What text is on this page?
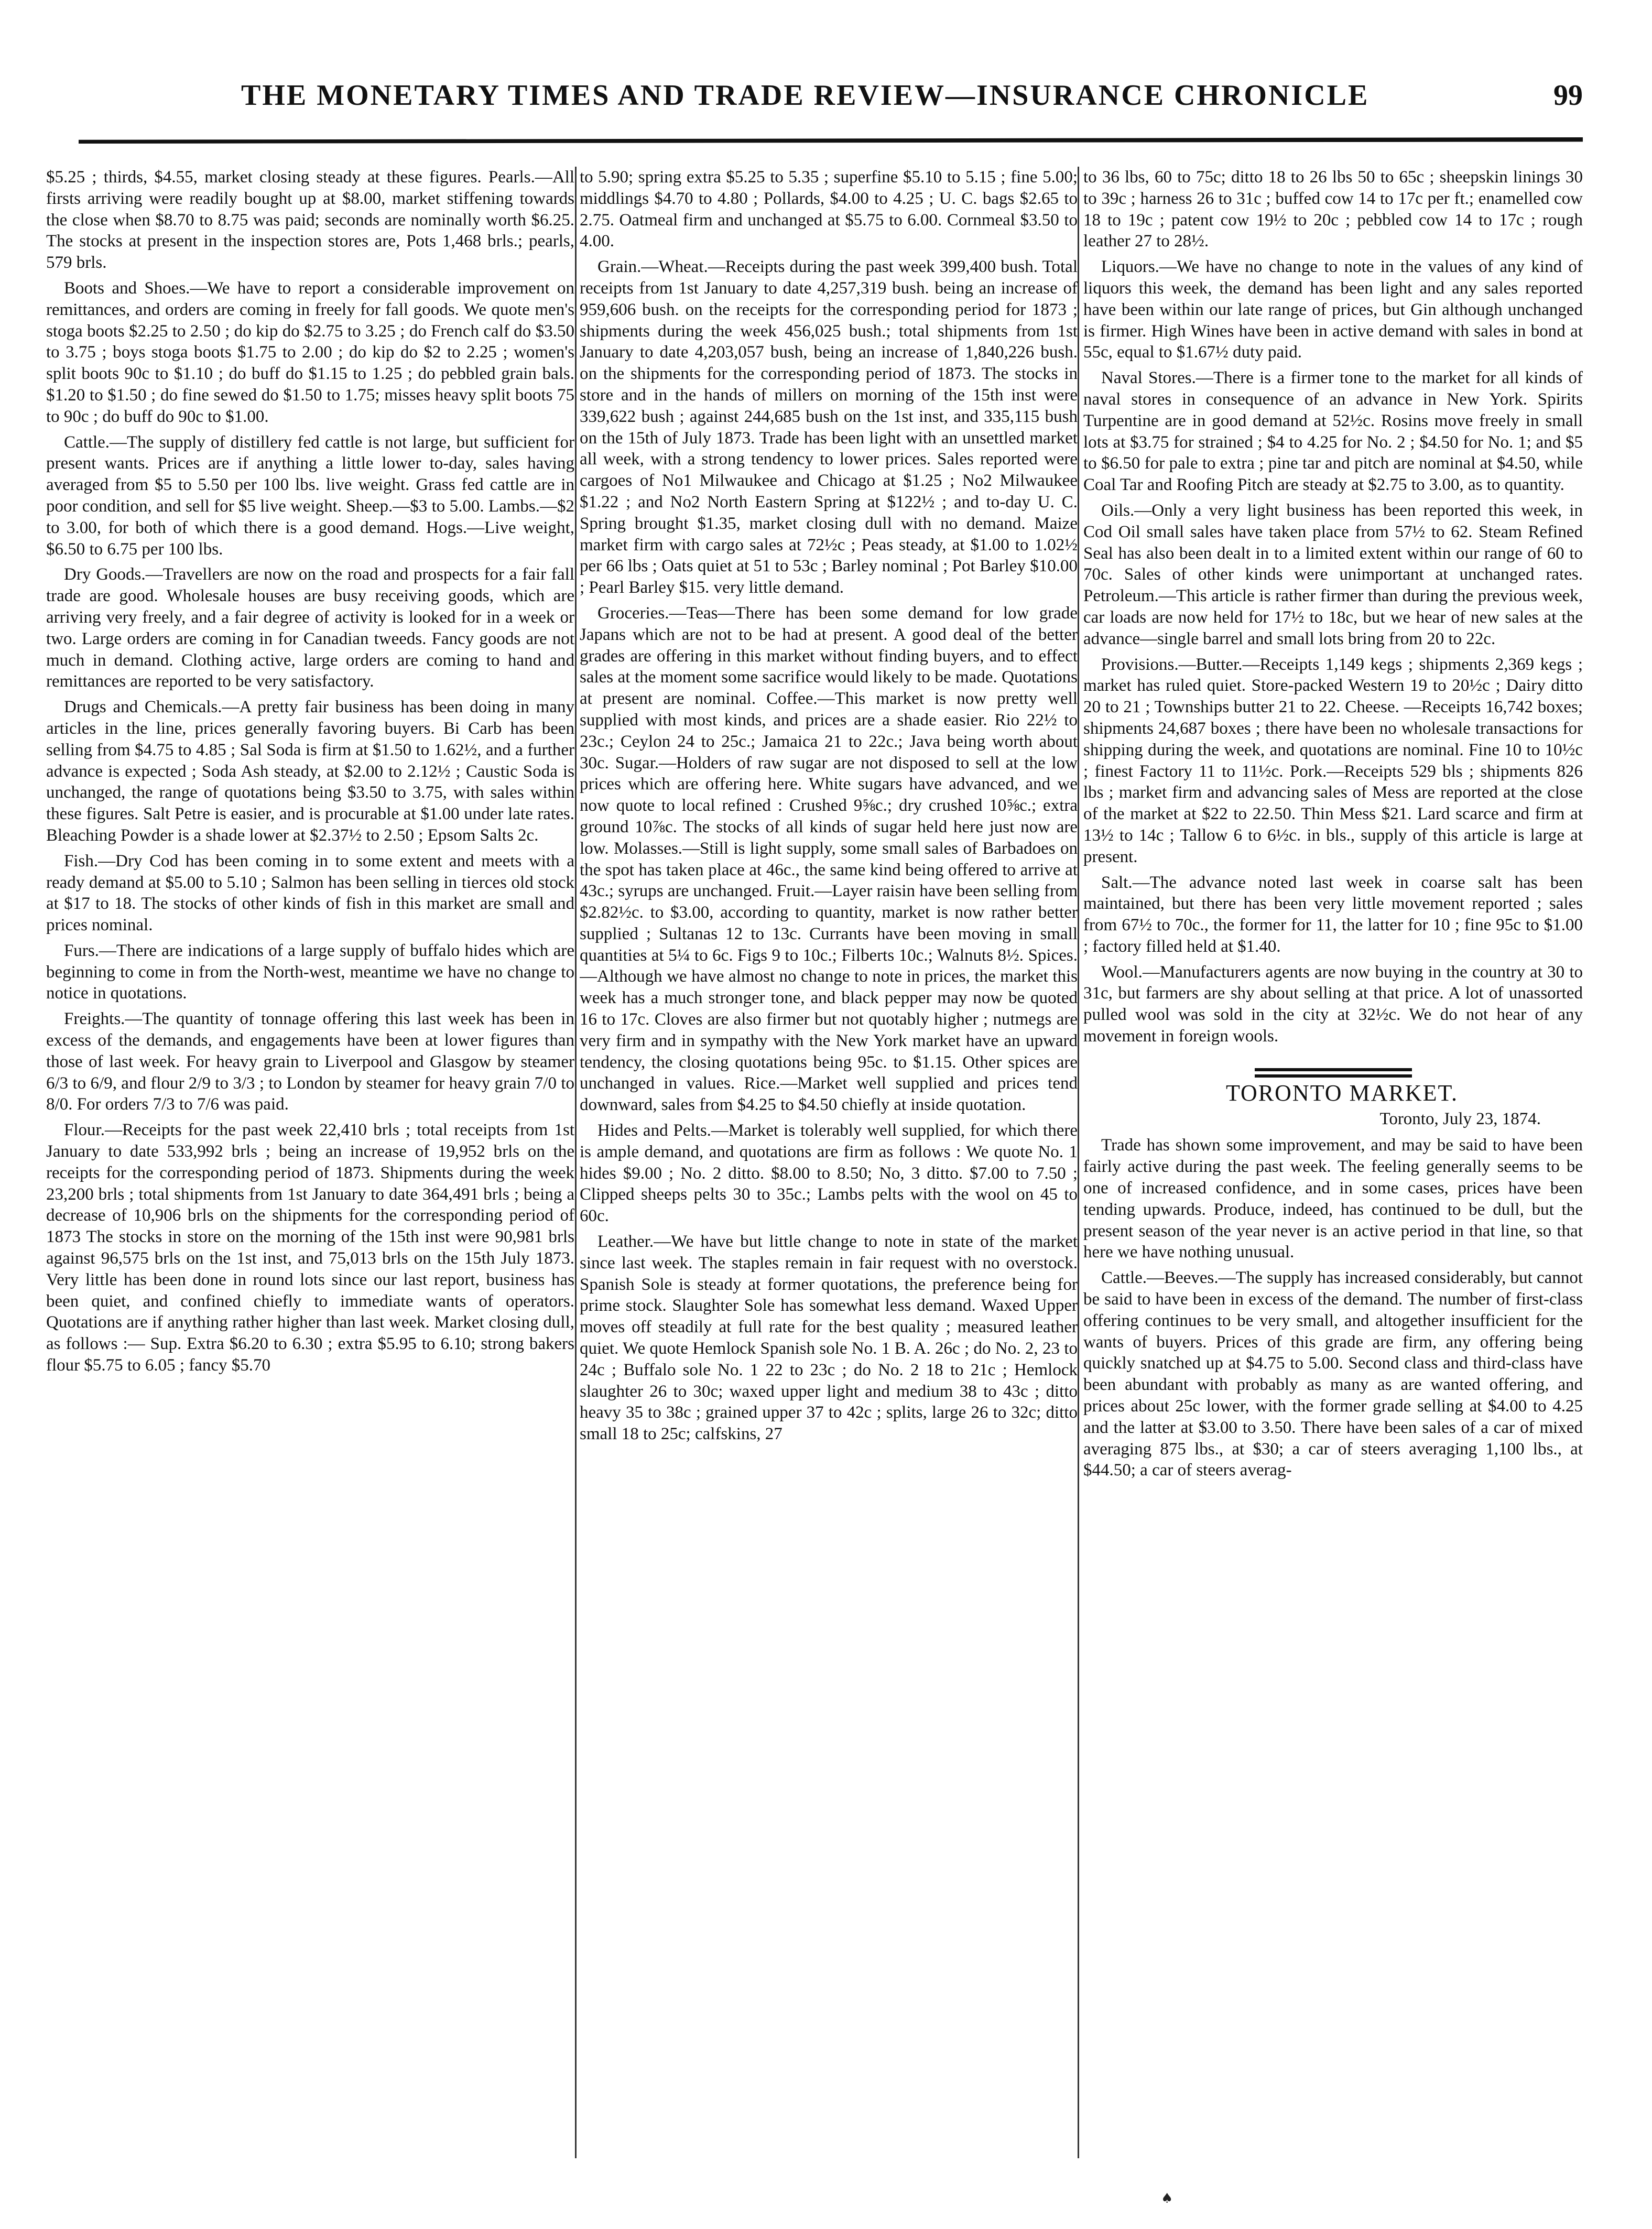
THE MONETARY TIMES AND TRADE REVIEW—INSURANCE CHRONICLE	99

$5.25 ; thirds, $4.55, market closing steady at these figures. Pearls.—All firsts arriving were readily bought up at $8.00, market stiffening towards the close when $8.70 to 8.75 was paid; seconds are nominally worth $6.25. The stocks at present in the inspection stores are, Pots 1,468 brls.; pearls, 579 brls.

Boots and Shoes.—We have to report a considerable improvement on remittances, and orders are coming in freely for fall goods. We quote men's stoga boots $2.25 to 2.50 ; do kip do $2.75 to 3.25 ; do French calf do $3.50 to 3.75 ; boys stoga boots $1.75 to 2.00 ; do kip do $2 to 2.25 ; women's split boots 90c to $1.10 ; do buff do $1.15 to 1.25 ; do pebbled grain bals. $1.20 to $1.50 ; do fine sewed do $1.50 to 1.75; misses heavy split boots 75 to 90c ; do buff do 90c to $1.00.

Cattle.—The supply of distillery fed cattle is not large, but sufficient for present wants. Prices are if anything a little lower to-day, sales having averaged from $5 to 5.50 per 100 lbs. live weight. Grass fed cattle are in poor condition, and sell for $5 live weight. Sheep.—$3 to 5.00. Lambs.—$2 to 3.00, for both of which there is a good demand. Hogs.—Live weight, $6.50 to 6.75 per 100 lbs.

Dry Goods.—Travellers are now on the road and prospects for a fair fall trade are good. Wholesale houses are busy receiving goods, which are arriving very freely, and a fair degree of activity is looked for in a week or two. Large orders are coming in for Canadian tweeds. Fancy goods are not much in demand. Clothing active, large orders are coming to hand and remittances are reported to be very satisfactory.

Drugs and Chemicals.—A pretty fair business has been doing in many articles in the line, prices generally favoring buyers. Bi Carb has been selling from $4.75 to 4.85 ; Sal Soda is firm at $1.50 to 1.62½, and a further advance is expected ; Soda Ash steady, at $2.00 to 2.12½ ; Caustic Soda is unchanged, the range of quotations being $3.50 to 3.75, with sales within these figures. Salt Petre is easier, and is procurable at $1.00 under late rates. Bleaching Powder is a shade lower at $2.37½ to 2.50 ; Epsom Salts 2c.

Fish.—Dry Cod has been coming in to some extent and meets with a ready demand at $5.00 to 5.10 ; Salmon has been selling in tierces old stock at $17 to 18. The stocks of other kinds of fish in this market are small and prices nominal.

Furs.—There are indications of a large supply of buffalo hides which are beginning to come in from the North-west, meantime we have no change to notice in quotations.

Freights.—The quantity of tonnage offering this last week has been in excess of the demands, and engagements have been at lower figures than those of last week. For heavy grain to Liverpool and Glasgow by steamer 6/3 to 6/9, and flour 2/9 to 3/3 ; to London by steamer for heavy grain 7/0 to 8/0. For orders 7/3 to 7/6 was paid.

Flour.—Receipts for the past week 22,410 brls ; total receipts from 1st January to date 533,992 brls ; being an increase of 19,952 brls on the receipts for the corresponding period of 1873. Shipments during the week 23,200 brls ; total shipments from 1st January to date 364,491 brls ; being a decrease of 10,906 brls on the shipments for the corresponding period of 1873 The stocks in store on the morning of the 15th inst were 90,981 brls against 96,575 brls on the 1st inst, and 75,013 brls on the 15th July 1873. Very little has been done in round lots since our last report, business has been quiet, and confined chiefly to immediate wants of operators. Quotations are if anything rather higher than last week. Market closing dull, as follows :— Sup. Extra $6.20 to 6.30 ; extra $5.95 to 6.10; strong bakers flour $5.75 to 6.05 ; fancy $5.70

to 5.90; spring extra $5.25 to 5.35 ; superfine $5.10 to 5.15 ; fine 5.00; middlings $4.70 to 4.80 ; Pollards, $4.00 to 4.25 ; U. C. bags $2.65 to 2.75. Oatmeal firm and unchanged at $5.75 to 6.00. Cornmeal $3.50 to 4.00.

Grain.—Wheat.—Receipts during the past week 399,400 bush. Total receipts from 1st January to date 4,257,319 bush. being an increase of 959,606 bush. on the receipts for the corresponding period for 1873 ; shipments during the week 456,025 bush.; total shipments from 1st January to date 4,203,057 bush, being an increase of 1,840,226 bush. on the shipments for the corresponding period of 1873. The stocks in store and in the hands of millers on morning of the 15th inst were 339,622 bush ; against 244,685 bush on the 1st inst, and 335,115 bush on the 15th of July 1873. Trade has been light with an unsettled market all week, with a strong tendency to lower prices. Sales reported were cargoes of No1 Milwaukee and Chicago at $1.25 ; No2 Milwaukee $1.22 ; and No2 North Eastern Spring at $122½ ; and to-day U. C. Spring brought $1.35, market closing dull with no demand. Maize market firm with cargo sales at 72½c ; Peas steady, at $1.00 to 1.02½ per 66 lbs ; Oats quiet at 51 to 53c ; Barley nominal ; Pot Barley $10.00 ; Pearl Barley $15. very little demand.

Groceries.—Teas—There has been some demand for low grade Japans which are not to be had at present. A good deal of the better grades are offering in this market without finding buyers, and to effect sales at the moment some sacrifice would likely to be made. Quotations at present are nominal. Coffee.—This market is now pretty well supplied with most kinds, and prices are a shade easier. Rio 22½ to 23c.; Ceylon 24 to 25c.; Jamaica 21 to 22c.; Java being worth about 30c. Sugar.—Holders of raw sugar are not disposed to sell at the low prices which are offering here. White sugars have advanced, and we now quote to local refined : Crushed 9⅝c.; dry crushed 10⅝c.; extra ground 10⅞c. The stocks of all kinds of sugar held here just now are low. Molasses.—Still is light supply, some small sales of Barbadoes on the spot has taken place at 46c., the same kind being offered to arrive at 43c.; syrups are unchanged. Fruit.—Layer raisin have been selling from $2.82½c. to $3.00, according to quantity, market is now rather better supplied ; Sultanas 12 to 13c. Currants have been moving in small quantities at 5¼ to 6c. Figs 9 to 10c.; Filberts 10c.; Walnuts 8½. Spices.—Although we have almost no change to note in prices, the market this week has a much stronger tone, and black pepper may now be quoted 16 to 17c. Cloves are also firmer but not quotably higher ; nutmegs are very firm and in sympathy with the New York market have an upward tendency, the closing quotations being 95c. to $1.15. Other spices are unchanged in values. Rice.—Market well supplied and prices tend downward, sales from $4.25 to $4.50 chiefly at inside quotation.

Hides and Pelts.—Market is tolerably well supplied, for which there is ample demand, and quotations are firm as follows : We quote No. 1 hides $9.00 ; No. 2 ditto. $8.00 to 8.50; No, 3 ditto. $7.00 to 7.50 ; Clipped sheeps pelts 30 to 35c.; Lambs pelts with the wool on 45 to 60c.

Leather.—We have but little change to note in state of the market since last week. The staples remain in fair request with no overstock. Spanish Sole is steady at former quotations, the preference being for prime stock. Slaughter Sole has somewhat less demand. Waxed Upper moves off steadily at full rate for the best quality ; measured leather quiet. We quote Hemlock Spanish sole No. 1 B. A. 26c ; do No. 2, 23 to 24c ; Buffalo sole No. 1 22 to 23c ; do No. 2 18 to 21c ; Hemlock slaughter 26 to 30c; waxed upper light and medium 38 to 43c ; ditto heavy 35 to 38c ; grained upper 37 to 42c ; splits, large 26 to 32c; ditto small 18 to 25c; calfskins, 27

to 36 lbs, 60 to 75c; ditto 18 to 26 lbs 50 to 65c ; sheepskin linings 30 to 39c ; harness 26 to 31c ; buffed cow 14 to 17c per ft.; enamelled cow 18 to 19c ; patent cow 19½ to 20c ; pebbled cow 14 to 17c ; rough leather 27 to 28½.

Liquors.—We have no change to note in the values of any kind of liquors this week, the demand has been light and any sales reported have been within our late range of prices, but Gin although unchanged is firmer. High Wines have been in active demand with sales in bond at 55c, equal to $1.67½ duty paid.

Naval Stores.—There is a firmer tone to the market for all kinds of naval stores in consequence of an advance in New York. Spirits Turpentine are in good demand at 52½c. Rosins move freely in small lots at $3.75 for strained ; $4 to 4.25 for No. 2 ; $4.50 for No. 1; and $5 to $6.50 for pale to extra ; pine tar and pitch are nominal at $4.50, while Coal Tar and Roofing Pitch are steady at $2.75 to 3.00, as to quantity.

Oils.—Only a very light business has been reported this week, in Cod Oil small sales have taken place from 57½ to 62. Steam Refined Seal has also been dealt in to a limited extent within our range of 60 to 70c. Sales of other kinds were unimportant at unchanged rates. Petroleum.—This article is rather firmer than during the previous week, car loads are now held for 17½ to 18c, but we hear of new sales at the advance—single barrel and small lots bring from 20 to 22c.

Provisions.—Butter.—Receipts 1,149 kegs ; shipments 2,369 kegs ; market has ruled quiet. Store-packed Western 19 to 20½c ; Dairy ditto 20 to 21 ; Townships butter 21 to 22. Cheese. —Receipts 16,742 boxes; shipments 24,687 boxes ; there have been no wholesale transactions for shipping during the week, and quotations are nominal. Fine 10 to 10½c ; finest Factory 11 to 11½c. Pork.—Receipts 529 bls ; shipments 826 lbs ; market firm and advancing sales of Mess are reported at the close of the market at $22 to 22.50. Thin Mess $21. Lard scarce and firm at 13½ to 14c ; Tallow 6 to 6½c. in bls., supply of this article is large at present.

Salt.—The advance noted last week in coarse salt has been maintained, but there has been very little movement reported ; sales from 67½ to 70c., the former for 11, the latter for 10 ; fine 95c to $1.00 ; factory filled held at $1.40.

Wool.—Manufacturers agents are now buying in the country at 30 to 31c, but farmers are shy about selling at that price. A lot of unassorted pulled wool was sold in the city at 32½c. We do not hear of any movement in foreign wools.

TORONTO MARKET.

Toronto, July 23, 1874.

Trade has shown some improvement, and may be said to have been fairly active during the past week. The feeling generally seems to be one of increased confidence, and in some cases, prices have been tending upwards. Produce, indeed, has continued to be dull, but the present season of the year never is an active period in that line, so that here we have nothing unusual.

Cattle.—Beeves.—The supply has increased considerably, but cannot be said to have been in excess of the demand. The number of first-class offering continues to be very small, and altogether insufficient for the wants of buyers. Prices of this grade are firm, any offering being quickly snatched up at $4.75 to 5.00. Second class and third-class have been abundant with probably as many as are wanted offering, and prices about 25c lower, with the former grade selling at $4.00 to 4.25 and the latter at $3.00 to 3.50. There have been sales of a car of mixed averaging 875 lbs., at $30; a car of steers averaging 1,100 lbs., at $44.50; a car of steers averag-

♠
